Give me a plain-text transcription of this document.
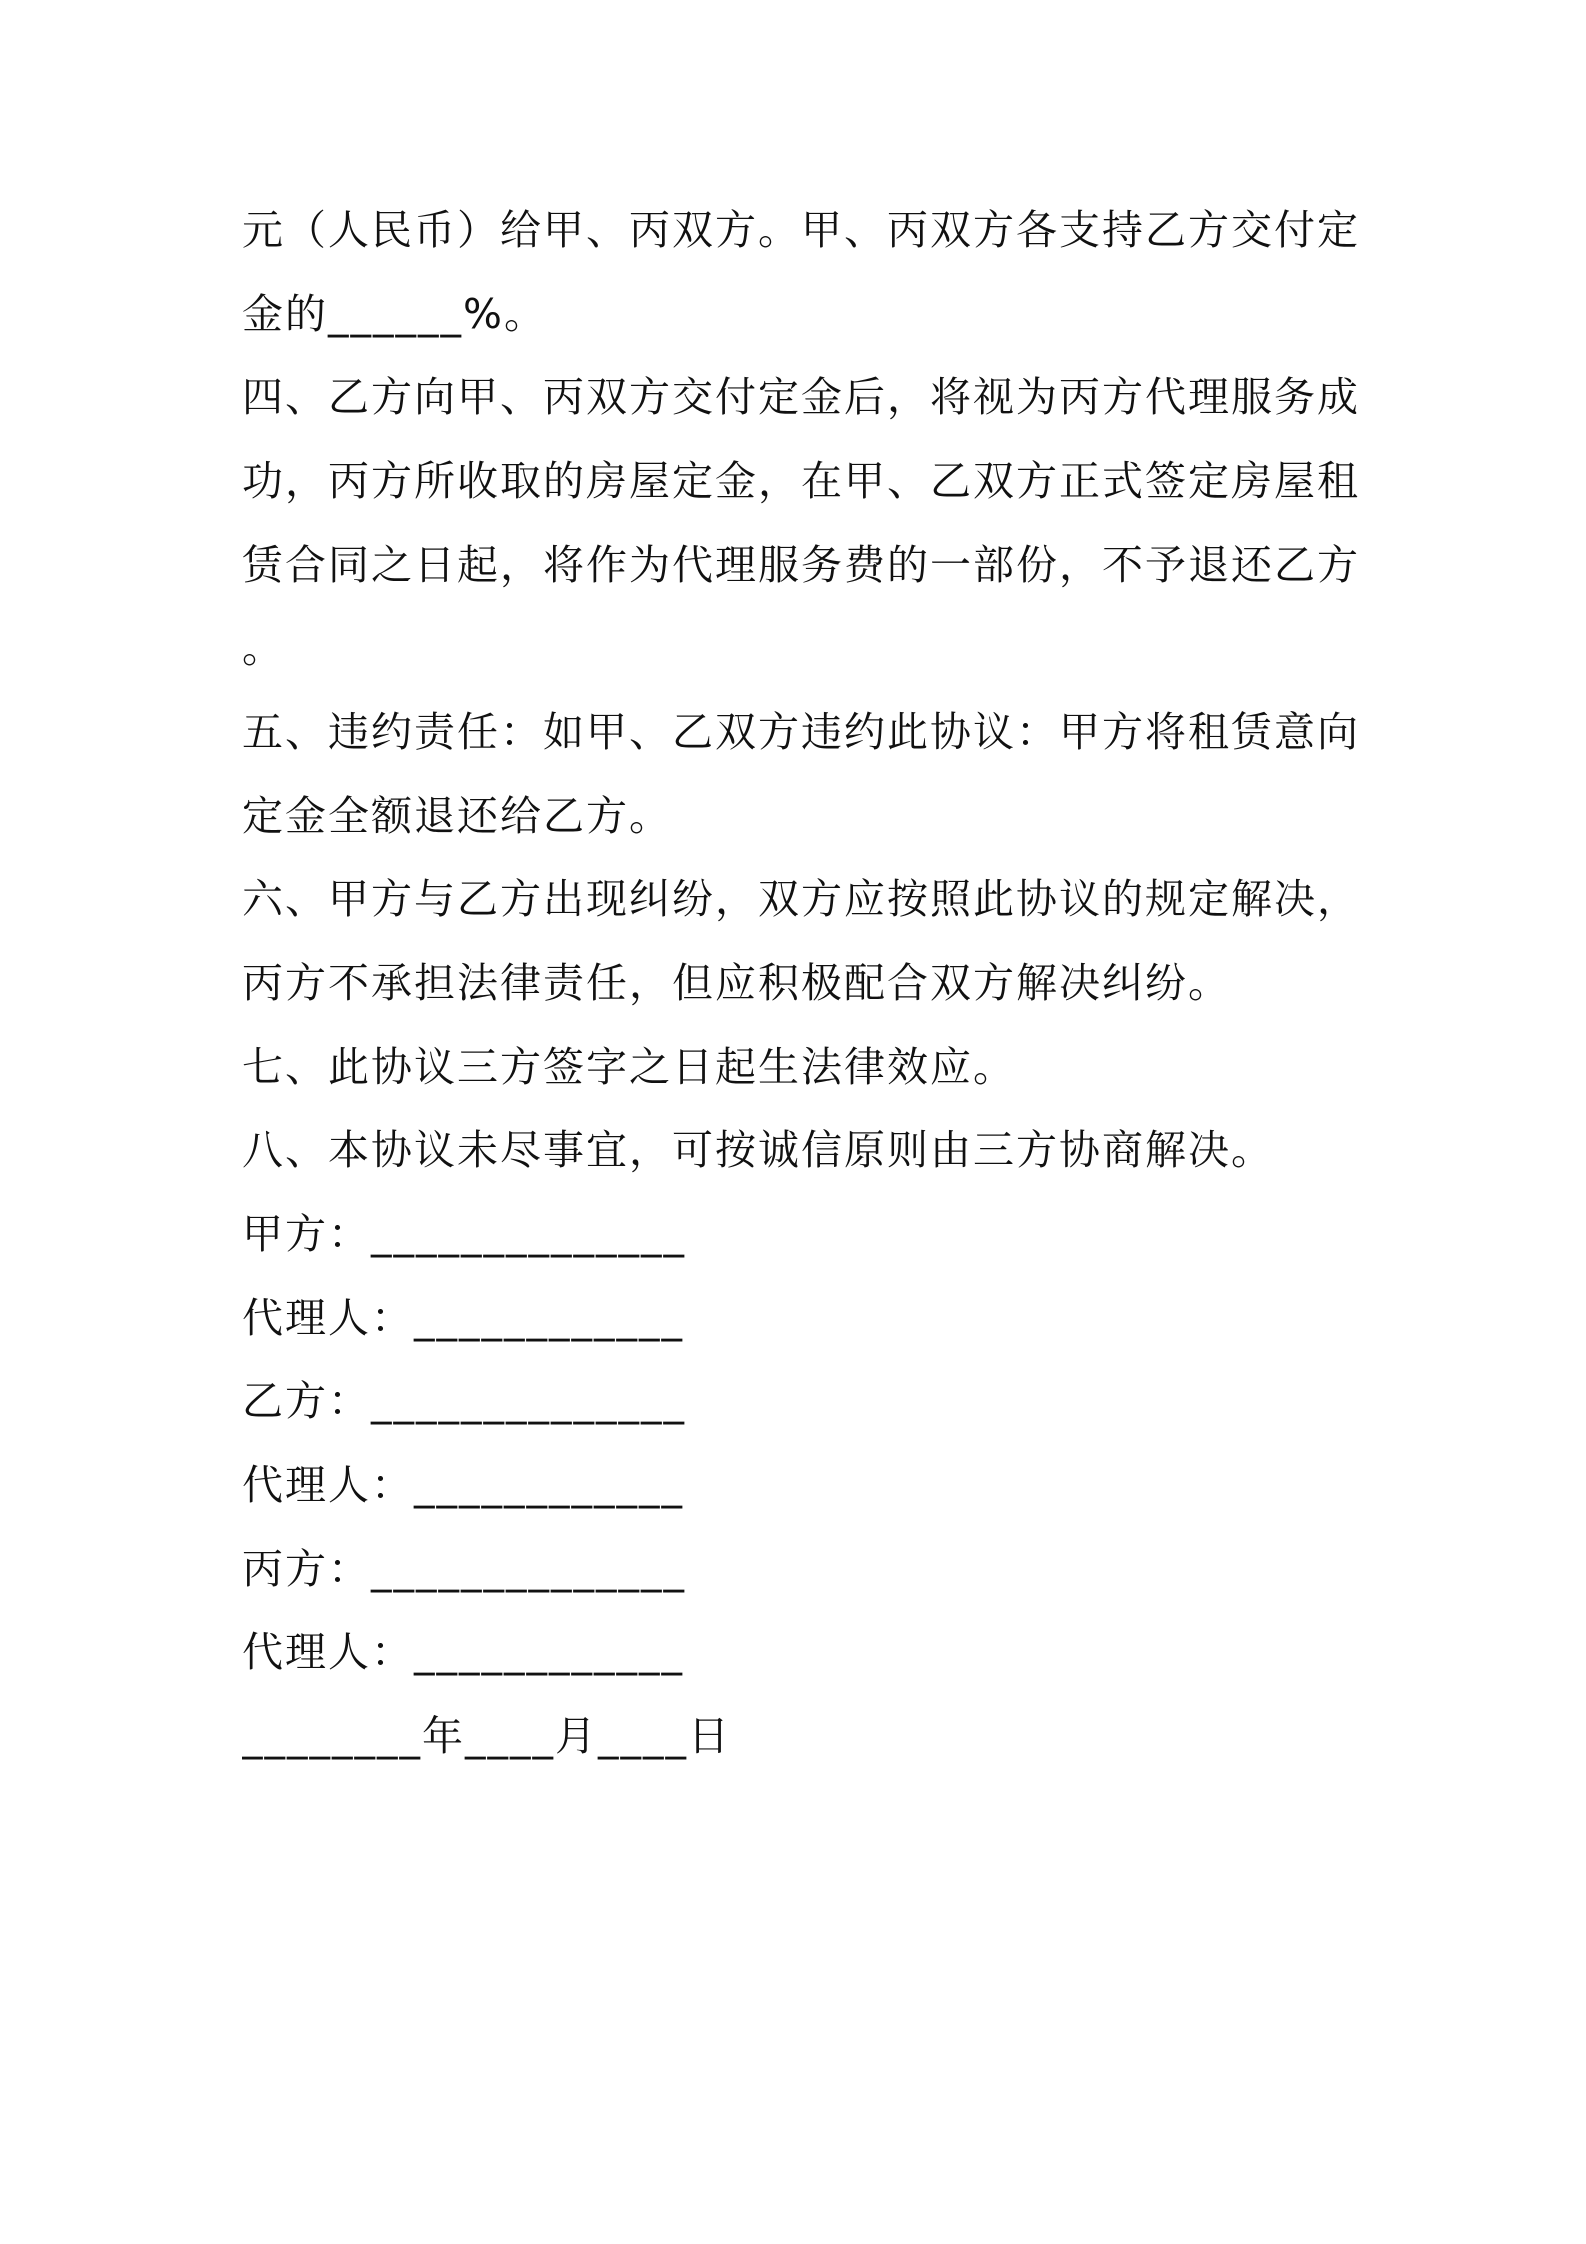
元（人民币）给甲、丙双方。甲、丙双方各支持乙方交付定
金的______%。
四、乙方向甲、丙双方交付定金后，将视为丙方代理服务成
功，丙方所收取的房屋定金，在甲、乙双方正式签定房屋租
赁合同之日起，将作为代理服务费的一部份，不予退还乙方
。
五、违约责任：如甲、乙双方违约此协议：甲方将租赁意向
定金全额退还给乙方。
六、甲方与乙方出现纠纷，双方应按照此协议的规定解决，
丙方不承担法律责任，但应积极配合双方解决纠纷。
七、此协议三方签字之日起生法律效应。
八、本协议未尽事宜，可按诚信原则由三方协商解决。
甲方：______________
代理人：____________
乙方：______________
代理人：____________
丙方：______________
代理人：____________
________年____月____日
